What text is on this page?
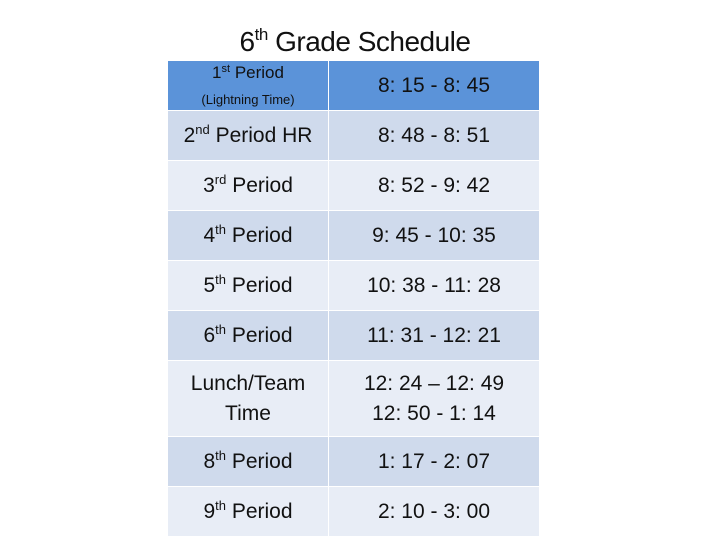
6th Grade Schedule
1st Period
(Lightning Time)	8: 15 - 8: 45
2nd Period HR	8: 48 - 8: 51
3rd Period	8: 52 - 9: 42
4th Period	9: 45 - 10: 35
5th Period	10: 38 - 11: 28
6th Period	11: 31 - 12: 21

Lunch/Team
Time	12: 24 – 12: 49
12: 50 - 1: 14

8th Period	1: 17 - 2: 07
9th Period	2: 10 - 3: 00
